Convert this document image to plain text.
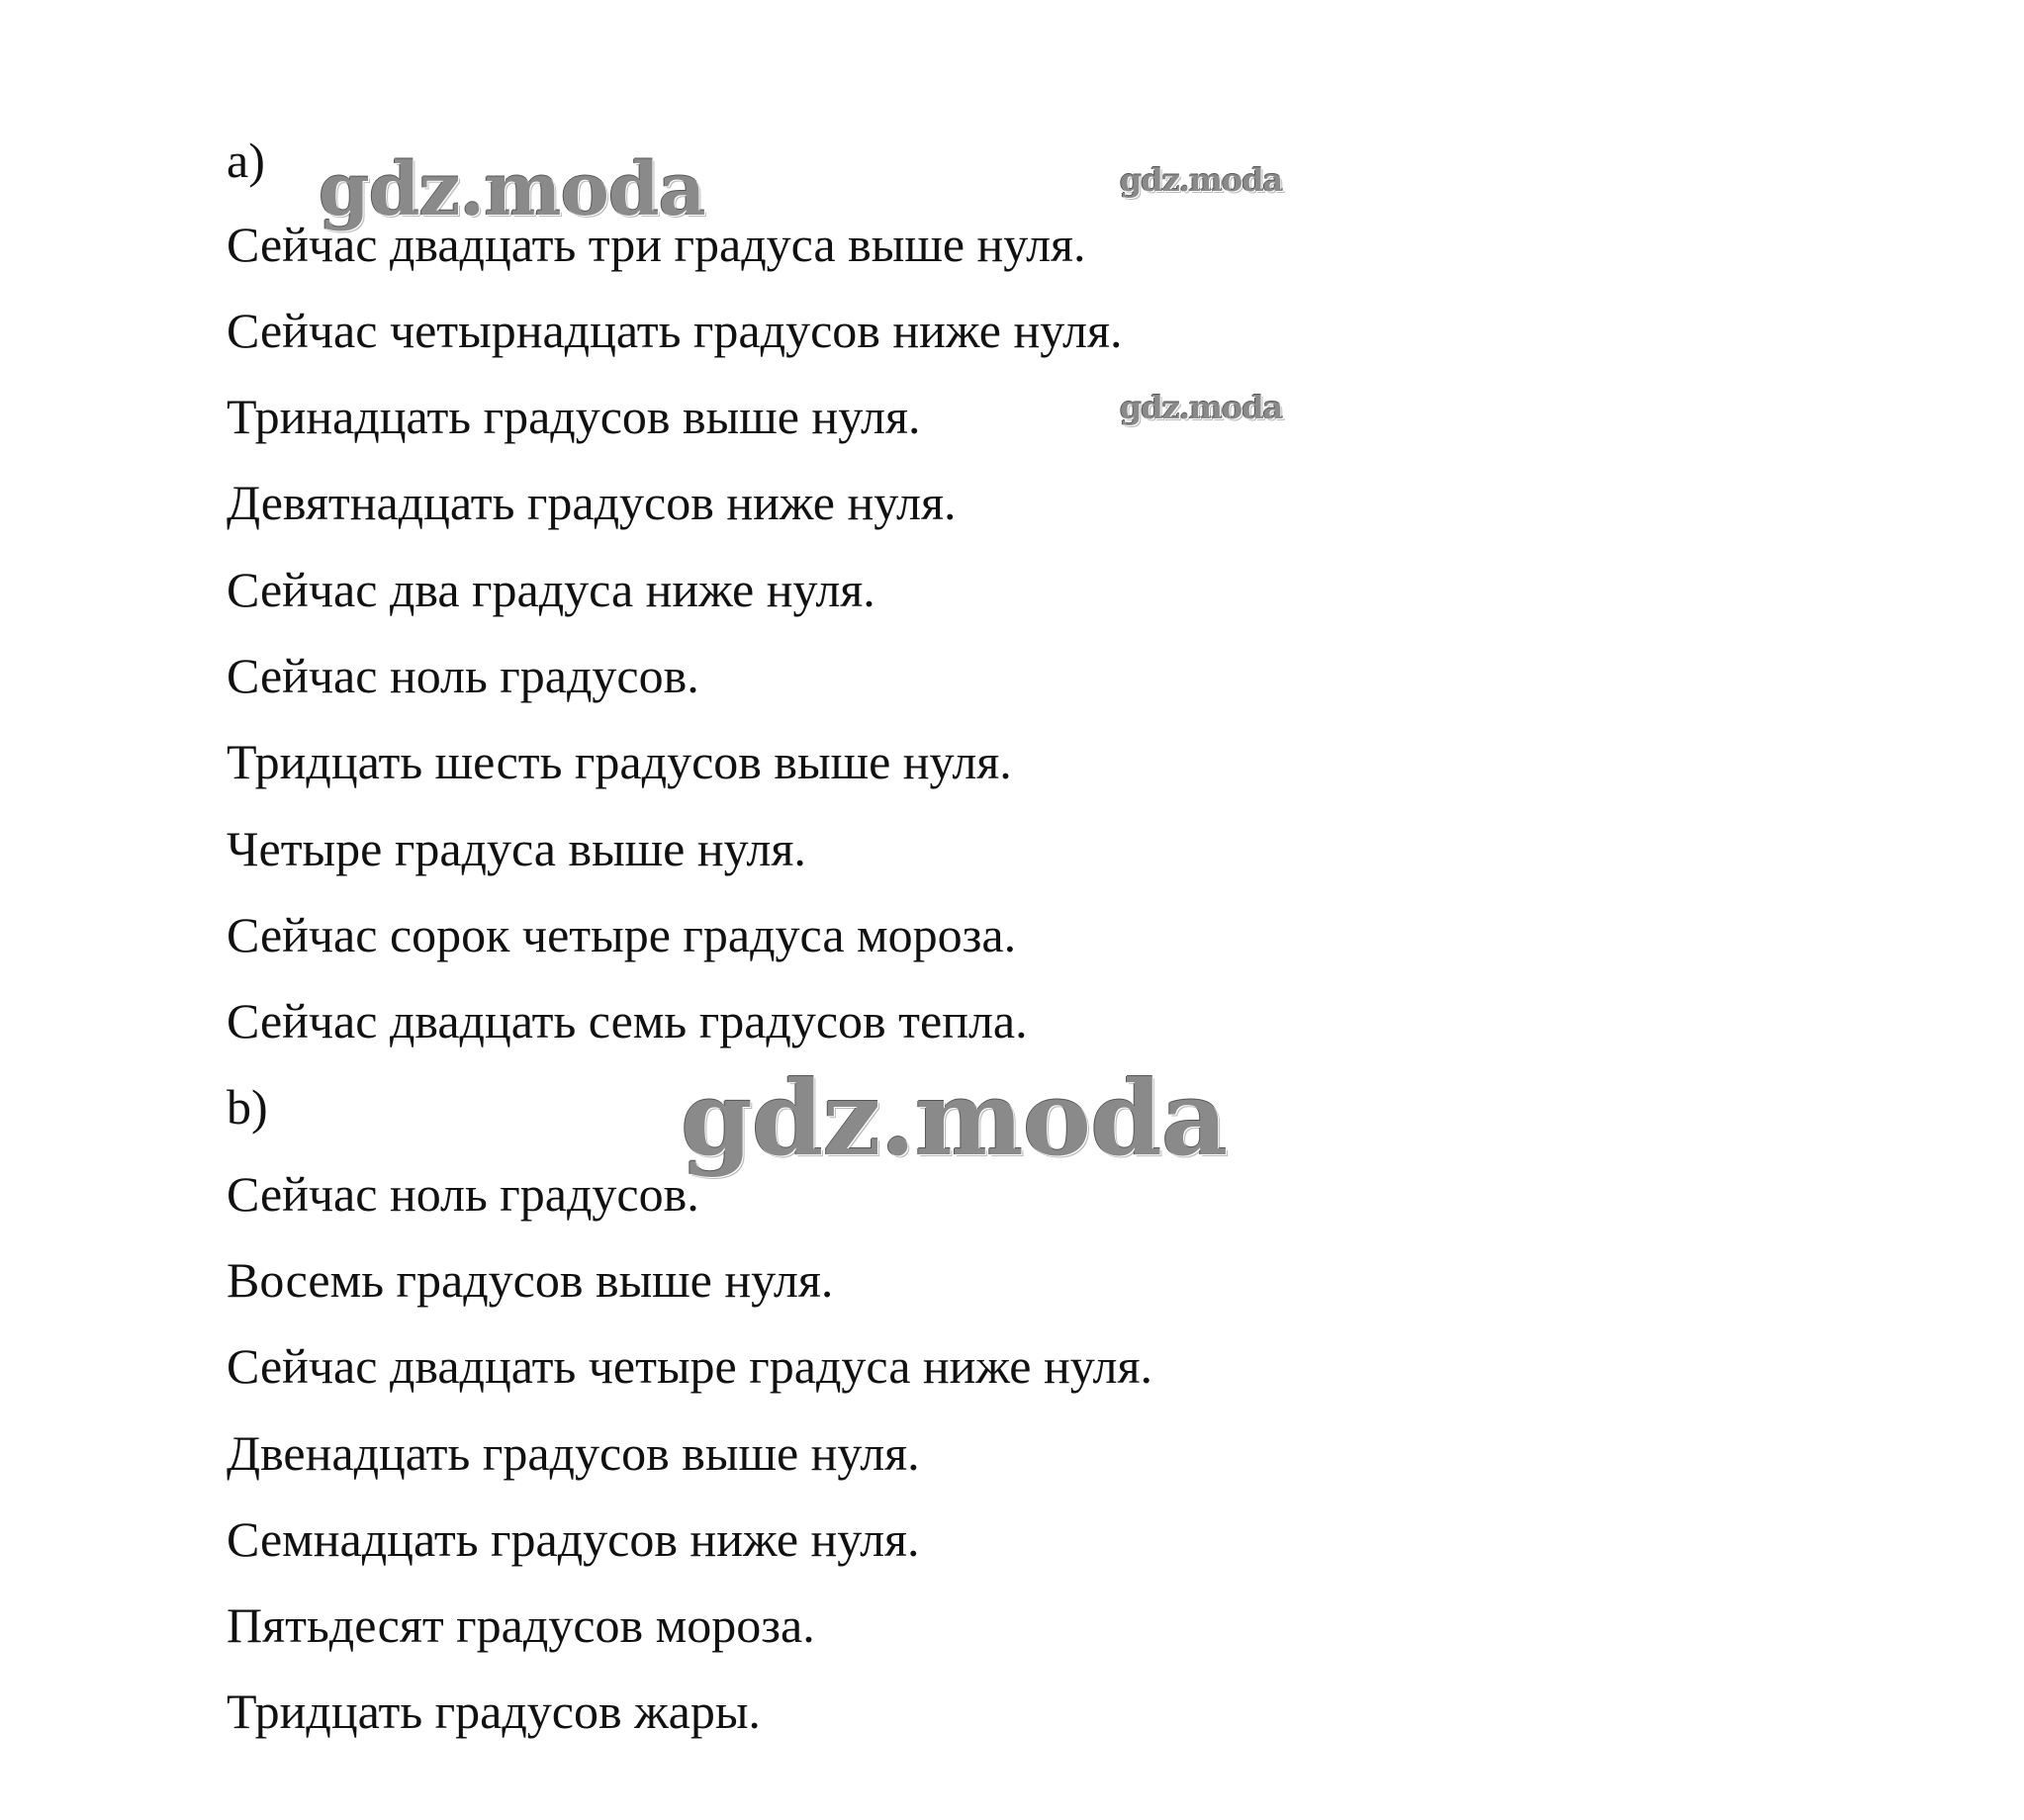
a)
Сейчас двадцать три градуса выше нуля.
Сейчас четырнадцать градусов ниже нуля.
Тринадцать градусов выше нуля.
Девятнадцать градусов ниже нуля.
Сейчас два градуса ниже нуля.
Сейчас ноль градусов.
Тридцать шесть градусов выше нуля.
Четыре градуса выше нуля.
Сейчас сорок четыре градуса мороза.
Сейчас двадцать семь градусов тепла.
b)
Сейчас ноль градусов.
Восемь градусов выше нуля.
Сейчас двадцать четыре градуса ниже нуля.
Двенадцать градусов выше нуля.
Семнадцать градусов ниже нуля.
Пятьдесят градусов мороза.
Тридцать градусов жары.
gdz.moda	gdz.moda
gdz.moda
gdz.moda
